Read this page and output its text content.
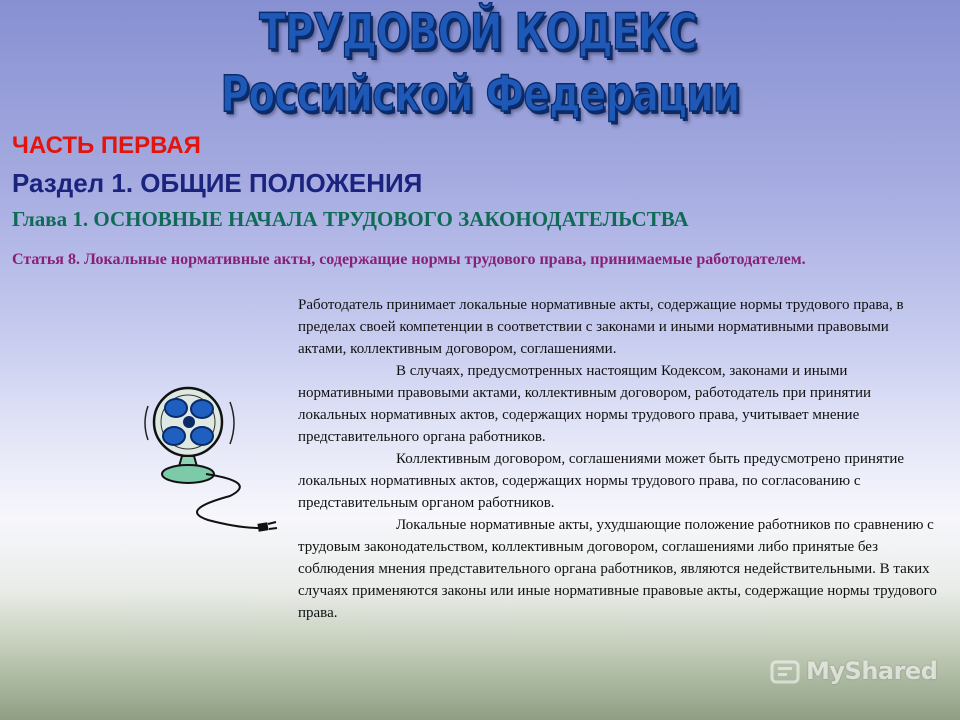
ТРУДОВОЙ КОДЕКС
Российской Федерации
ЧАСТЬ ПЕРВАЯ
Раздел 1. ОБЩИЕ ПОЛОЖЕНИЯ
Глава 1. ОСНОВНЫЕ НАЧАЛА ТРУДОВОГО ЗАКОНОДАТЕЛЬСТВА
Статья 8. Локальные нормативные акты, содержащие нормы трудового права, принимаемые работодателем.

Работодатель принимает локальные нормативные акты, содержащие нормы трудового права, в пределах своей компетенции в соответствии с законами и иными нормативными правовыми актами, коллективным договором, соглашениями.

В случаях, предусмотренных настоящим Кодексом, законами и иными нормативными правовыми актами, коллективным договором, работодатель при принятии локальных нормативных актов, содержащих нормы трудового права, учитывает мнение представительного органа работников.

Коллективным договором, соглашениями может быть предусмотрено принятие локальных нормативных актов, содержащих нормы трудового права, по согласованию с представительным органом работников.

Локальные нормативные акты, ухудшающие положение работников по сравнению с трудовым законодательством, коллективным договором, соглашениями либо принятые без соблюдения мнения представительного органа работников, являются недействительными. В таких случаях применяются законы или иные нормативные правовые акты, содержащие нормы трудового права.

MyShared
